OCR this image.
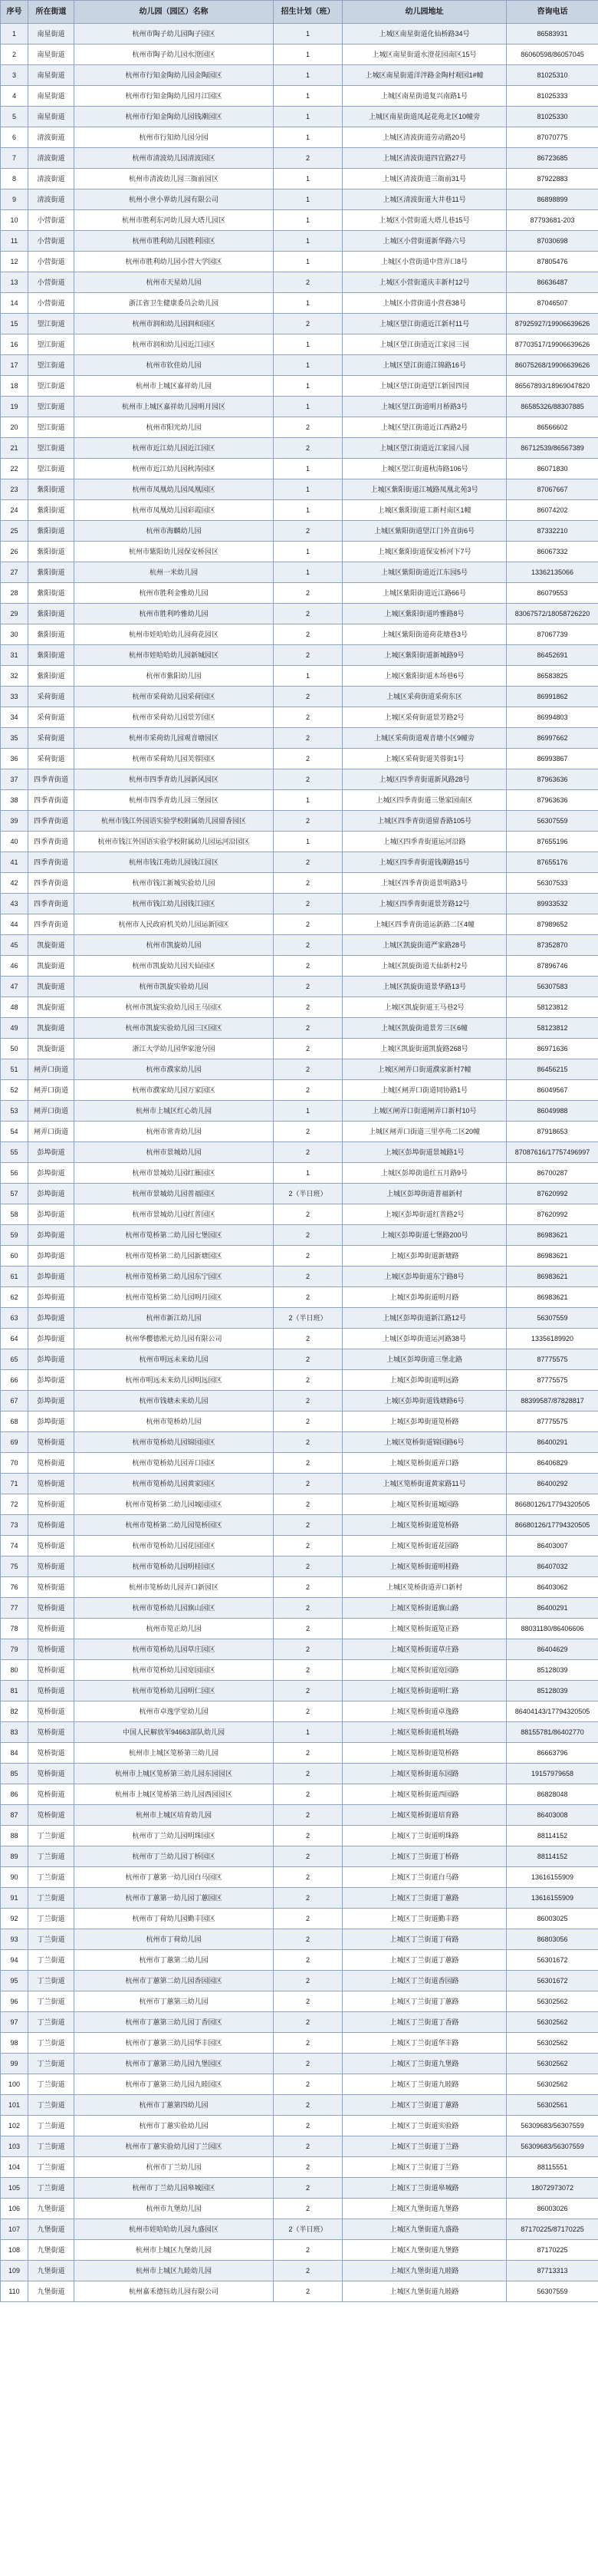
序号	所在街道	幼儿园（园区）名称	招生计划（班）	幼儿园地址	咨询电话
1	南星街道	杭州市陶子幼儿园陶子园区	1	上城区南星街道化仙桥路34号	86583931
2	南星街道	杭州市陶子幼儿园水澄园区	1	上城区南星街道水澄花园南区15号	86060598/86057045
3	南星街道	杭州市行知金陶幼儿园金陶园区	1	上城区南星街道洋泮路金陶村观园1#幢	81025310
4	南星街道	杭州市行知金陶幼儿园月江园区	1	上城区南星街道复兴南路1号	81025333
5	南星街道	杭州市行知金陶幼儿园钱潮园区	1	上城区南星街道凤起花苑北区10幢旁	81025330
6	清波街道	杭州市行知幼儿园分园	1	上城区清波街道劳动路20号	87070775
7	清波街道	杭州市清波幼儿园清波园区	2	上城区清波街道四宜路27号	86723685
8	清波街道	杭州市清波幼儿园三衙前园区	1	上城区清波街道三衙前31号	87922883
9	清波街道	杭州小世小界幼儿园有限公司	1	上城区清波街道大井巷11号	86898899
10	小营街道	杭州市胜利东河幼儿园大塔儿园区	1	上城区小营街道大塔儿巷15号	87793681-203
11	小营街道	杭州市胜利幼儿园胜利园区	1	上城区小营街道新华路六号	87030698
12	小营街道	杭州市胜利幼儿园小营大学园区	1	上城区小营街道中营弄口8号	87805476
13	小营街道	杭州市天星幼儿园	2	上城区小营街道庆丰新村12号	86636487
14	小营街道	浙江省卫生健康委员会幼儿园	1	上城区小营街道小营巷38号	87046507
15	望江街道	杭州市润和幼儿园润和园区	2	上城区望江街道近江新村11号	87925927/19906639626
16	望江街道	杭州市润和幼儿园近江园区	1	上城区望江街道近江家园三园	87703517/19906639626
17	望江街道	杭州市钦佳幼儿园	1	上城区望江街道江锦路16号	86075268/19906639626
18	望江街道	杭州市上城区嘉祥幼儿园	1	上城区望江街道望江新园四园	86567893/18969047820
19	望江街道	杭州市上城区嘉祥幼儿园明月园区	1	上城区望江街道明月桥路3号	86585326/88307885
20	望江街道	杭州市阳光幼儿园	2	上城区望江街道近江西路2号	86566602
21	望江街道	杭州市近江幼儿园近江园区	2	上城区望江街道近江家园八园	86712539/86567389
22	望江街道	杭州市近江幼儿园秋涛园区	1	上城区望江街道秋涛路106号	86071830
23	紫阳街道	杭州市凤凰幼儿园凤凰园区	1	上城区紫阳街道江城路凤凰北苑3号	87067667
24	紫阳街道	杭州市凤凰幼儿园彩霞园区	1	上城区紫阳街道工新村南区1幢	86074202
25	紫阳街道	杭州市海麟幼儿园	2	上城区紫阳街道望江门外直街6号	87332210
26	紫阳街道	杭州市紫阳幼儿园保安桥园区	1	上城区紫阳街道保安桥河下7号	86067332
27	紫阳街道	杭州一米幼儿园	1	上城区紫阳街道近江东园5号	13362135066
28	紫阳街道	杭州市胜利金雅幼儿园	2	上城区紫阳街道近江路66号	86079553
29	紫阳街道	杭州市胜利吟雅幼儿园	2	上城区紫阳街道吟雅路8号	83067572/18058726220
30	紫阳街道	杭州市娃哈哈幼儿园荷花园区	2	上城区紫阳街道荷花塘巷3号	87067739
31	紫阳街道	杭州市娃哈哈幼儿园新城园区	2	上城区紫阳街道新城路9号	86452691
32	紫阳街道	杭州市紫阳幼儿园	1	上城区紫阳街道木场巷6号	86583825
33	采荷街道	杭州市采荷幼儿园采荷园区	2	上城区采荷街道采荷东区	86991862
34	采荷街道	杭州市采荷幼儿园景芳园区	2	上城区采荷街道景芳路2号	86994803
35	采荷街道	杭州市采荷幼儿园观音塘园区	2	上城区采荷街道观音塘小区9幢旁	86997662
36	采荷街道	杭州市采荷幼儿园芙蓉园区	2	上城区采荷街道芙蓉街1号	86993867
37	四季青街道	杭州市四季青幼儿园新风园区	2	上城区四季青街道新风路28号	87963636
38	四季青街道	杭州市四季青幼儿园三堡园区	1	上城区四季青街道三堡家园南区	87963636
39	四季青街道	杭州市钱江外国语实验学校附属幼儿园留香园区	2	上城区四季青街道留香路105号	56307559
40	四季青街道	杭州市钱江外国语实验学校附属幼儿园运河沿园区	1	上城区四季青街道运河沿路	87655196
41	四季青街道	杭州市钱江苑幼儿园钱江园区	2	上城区四季青街道钱潮路15号	87655176
42	四季青街道	杭州市钱江新城实验幼儿园	2	上城区四季青街道景明路3号	56307533
43	四季青街道	杭州市钱江幼儿园钱江园区	2	上城区四季青街道景芳路12号	89933532
44	四季青街道	杭州市人民政府机关幼儿园运新园区	2	上城区四季青街道运新路二区4幢	87989652
45	凯旋街道	杭州市凯旋幼儿园	2	上城区凯旋街道严家路28号	87352870
46	凯旋街道	杭州市凯旋幼儿园天仙园区	2	上城区凯旋街道天仙新村2号	87896746
47	凯旋街道	杭州市凯旋实验幼儿园	2	上城区凯旋街道景华路13号	56307583
48	凯旋街道	杭州市凯旋实验幼儿园王马园区	2	上城区凯旋街道王马巷2号	58123812
49	凯旋街道	杭州市凯旋实验幼儿园三区园区	2	上城区凯旋街道景芳三区6幢	58123812
50	凯旋街道	浙江大学幼儿园华家池分园	2	上城区凯旋街道凯旋路268号	86971636
51	闸弄口街道	杭州市濮家幼儿园	2	上城区闸弄口街道濮家新村7幢	86456215
52	闸弄口街道	杭州市濮家幼儿园万家园区	2	上城区闸弄口街道同协路1号	86049567
53	闸弄口街道	杭州市上城区红心幼儿园	1	上城区闸弄口街道闸弄口新村10号	86049988
54	闸弄口街道	杭州市常青幼儿园	2	上城区闸弄口街道三里亭苑二区20幢	87918653
55	彭埠街道	杭州市景城幼儿园	2	上城区彭埠街道景城路1号	87087616/17757496997
56	彭埠街道	杭州市景城幼儿园红雁园区	1	上城区彭埠街道红五月路9号	86700287
57	彭埠街道	杭州市景城幼儿园普福园区	2（半日班）	上城区彭埠街道普福新村	87620992
58	彭埠街道	杭州市景城幼儿园红普园区	2	上城区彭埠街道红普路2号	87620992
59	彭埠街道	杭州市笕桥第二幼儿园七堡园区	2	上城区彭埠街道七堡路200号	86983621
60	彭埠街道	杭州市笕桥第二幼儿园新塘园区	2	上城区彭埠街道新塘路	86983621
61	彭埠街道	杭州市笕桥第二幼儿园东宁园区	2	上城区彭埠街道东宁路8号	86983621
62	彭埠街道	杭州市笕桥第二幼儿园明月园区	2	上城区彭埠街道明月路	86983621
63	彭埠街道	杭州市新江幼儿园	2（半日班）	上城区彭埠街道新江路12号	56307559
64	彭埠街道	杭州华樱德淞元幼儿园有限公司	2	上城区彭埠街道运河路38号	13356189920
65	彭埠街道	杭州市明远未来幼儿园	2	上城区彭埠街道三堡北路	87775575
66	彭埠街道	杭州市明远未来幼儿园明远园区	2	上城区彭埠街道明远路	87775575
67	彭埠街道	杭州市钱塘未来幼儿园	2	上城区彭埠街道钱塘路6号	88399587/87828817
68	彭埠街道	杭州市笕桥幼儿园	2	上城区彭埠街道笕桥路	87775575
69	笕桥街道	杭州市笕桥幼儿园锦园园区	2	上城区笕桥街道锦园路6号	86400291
70	笕桥街道	杭州市笕桥幼儿园弄口园区	2	上城区笕桥街道弄口路	86406829
71	笕桥街道	杭州市笕桥幼儿园黄家园区	2	上城区笕桥街道黄家路11号	86400292
72	笕桥街道	杭州市笕桥第二幼儿园城园园区	2	上城区笕桥街道城园路	86680126/17794320505
73	笕桥街道	杭州市笕桥第二幼儿园笕桥园区	2	上城区笕桥街道笕桥路	86680126/17794320505
74	笕桥街道	杭州市笕桥幼儿园花园园区	2	上城区笕桥街道花园路	86403007
75	笕桥街道	杭州市笕桥幼儿园明桂园区	2	上城区笕桥街道明桂路	86407032
76	笕桥街道	杭州市笕桥幼儿园弄口新园区	2	上城区笕桥街道弄口新村	86403062
77	笕桥街道	杭州市笕桥幼儿园旗山园区	2	上城区笕桥街道旗山路	86400291
78	笕桥街道	杭州市笕正幼儿园	2	上城区笕桥街道笕正路	88031180/86406606
79	笕桥街道	杭州市笕桥幼儿园草庄园区	2	上城区笕桥街道草庄路	86404629
80	笕桥街道	杭州市笕桥幼儿园宽园园区	2	上城区笕桥街道宽园路	85128039
81	笕桥街道	杭州市笕桥幼儿园明仁园区	2	上城区笕桥街道明仁路	85128039
82	笕桥街道	杭州市卓逸学堂幼儿园	2	上城区笕桥街道卓逸路	86404143/17794320505
83	笕桥街道	中国人民解放军94663部队幼儿园	1	上城区笕桥街道机场路	88155781/86402770
84	笕桥街道	杭州市上城区笕桥第三幼儿园	2	上城区笕桥街道笕桥路	86663796
85	笕桥街道	杭州市上城区笕桥第三幼儿园东园园区	2	上城区笕桥街道东园路	19157979658
86	笕桥街道	杭州市上城区笕桥第三幼儿园西园园区	2	上城区笕桥街道西园路	86828048
87	笕桥街道	杭州市上城区培育幼儿园	2	上城区笕桥街道培育路	86403008
88	丁兰街道	杭州市丁兰幼儿园明珠园区	2	上城区丁兰街道明珠路	88114152
89	丁兰街道	杭州市丁兰幼儿园丁桥园区	2	上城区丁兰街道丁桥路	88114152
90	丁兰街道	杭州市丁蕙第一幼儿园白马园区	2	上城区丁兰街道白马路	13616155909
91	丁兰街道	杭州市丁蕙第一幼儿园丁蕙园区	2	上城区丁兰街道丁蕙路	13616155909
92	丁兰街道	杭州市丁荷幼儿园勤丰园区	2	上城区丁兰街道勤丰路	86003025
93	丁兰街道	杭州市丁荷幼儿园	2	上城区丁兰街道丁荷路	86803056
94	丁兰街道	杭州市丁蕙第二幼儿园	2	上城区丁兰街道丁蕙路	56301672
95	丁兰街道	杭州市丁蕙第二幼儿园香园园区	2	上城区丁兰街道香园路	56301672
96	丁兰街道	杭州市丁蕙第三幼儿园	2	上城区丁兰街道丁蕙路	56302562
97	丁兰街道	杭州市丁蕙第三幼儿园丁香园区	2	上城区丁兰街道丁香路	56302562
98	丁兰街道	杭州市丁蕙第三幼儿园华丰园区	2	上城区丁兰街道华丰路	56302562
99	丁兰街道	杭州市丁蕙第三幼儿园九堡园区	2	上城区丁兰街道九堡路	56302562
100	丁兰街道	杭州市丁蕙第三幼儿园九睦园区	2	上城区丁兰街道九睦路	56302562
101	丁兰街道	杭州市丁蕙第四幼儿园	2	上城区丁兰街道丁蕙路	56302561
102	丁兰街道	杭州市丁蕙实验幼儿园	2	上城区丁兰街道实验路	56309683/56307559
103	丁兰街道	杭州市丁蕙实验幼儿园丁兰园区	2	上城区丁兰街道丁兰路	56309683/56307559
104	丁兰街道	杭州市丁兰幼儿园	2	上城区丁兰街道丁兰路	88115551
105	丁兰街道	杭州市丁兰幼儿园皋城园区	2	上城区丁兰街道皋城路	18072973072
106	九堡街道	杭州市九堡幼儿园	2	上城区九堡街道九堡路	86003026
107	九堡街道	杭州市娃哈哈幼儿园九盛园区	2（半日班）	上城区九堡街道九盛路	87170225/87170225
108	九堡街道	杭州市上城区九堡幼儿园	2	上城区九堡街道九堡路	87170225
109	九堡街道	杭州市上城区九睦幼儿园	2	上城区九堡街道九睦路	87713313
110	九堡街道	杭州嘉禾德钰幼儿园有限公司	2	上城区九堡街道九睦路	56307559
